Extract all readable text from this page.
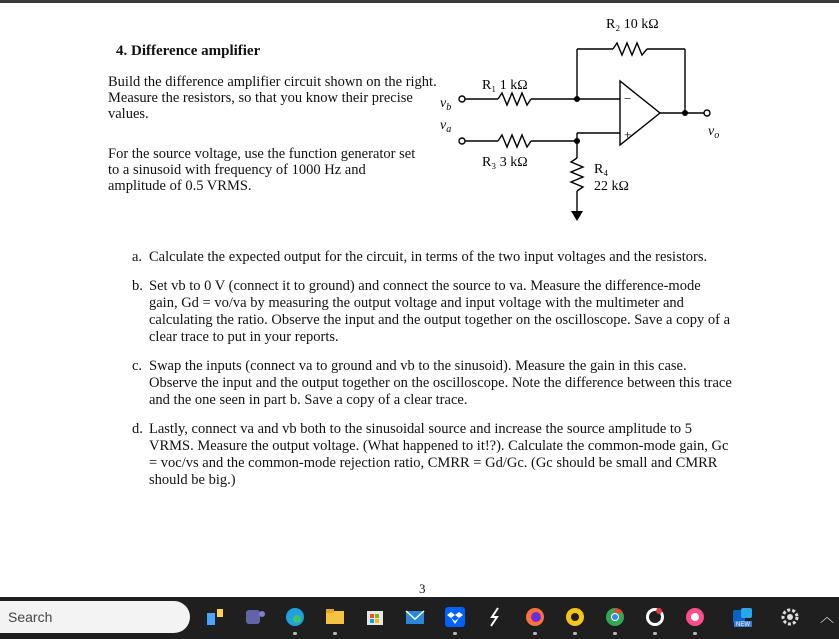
4. Difference amplifier
Build the difference amplifier circuit shown on the right. Measure the resistors, so that you know their precise values.
For the source voltage, use the function generator set to a sinusoid with frequency of 1000 Hz and amplitude of 0.5 VRMS.
R₂ 10 kΩ
R₁ 1 kΩ
R₃ 3 kΩ	R₄
22 kΩ
$v_b$
$v_a$	$v_o$
−
+
a. Calculate the expected output for the circuit, in terms of the two input voltages and the resistors.
b. Set vb to 0 V (connect it to ground) and connect the source to va. Measure the difference-mode gain, Gd = vo/va by measuring the output voltage and input voltage with the multimeter and calculating the ratio. Observe the input and the output together on the oscilloscope. Save a copy of a clear trace to put in your reports.
c. Swap the inputs (connect va to ground and vb to the sinusoid). Measure the gain in this case. Observe the input and the output together on the oscilloscope. Note the difference between this trace and the one seen in part b. Save a copy of a clear trace.
d. Lastly, connect va and vb both to the sinusoidal source and increase the source amplitude to 5 VRMS. Measure the output voltage. (What happened to it!?). Calculate the common-mode gain, Gc = voc/vs and the common-mode rejection ratio, CMRR = Gd/Gc. (Gc should be small and CMRR should be big.)
3
Search	NEW	︿
